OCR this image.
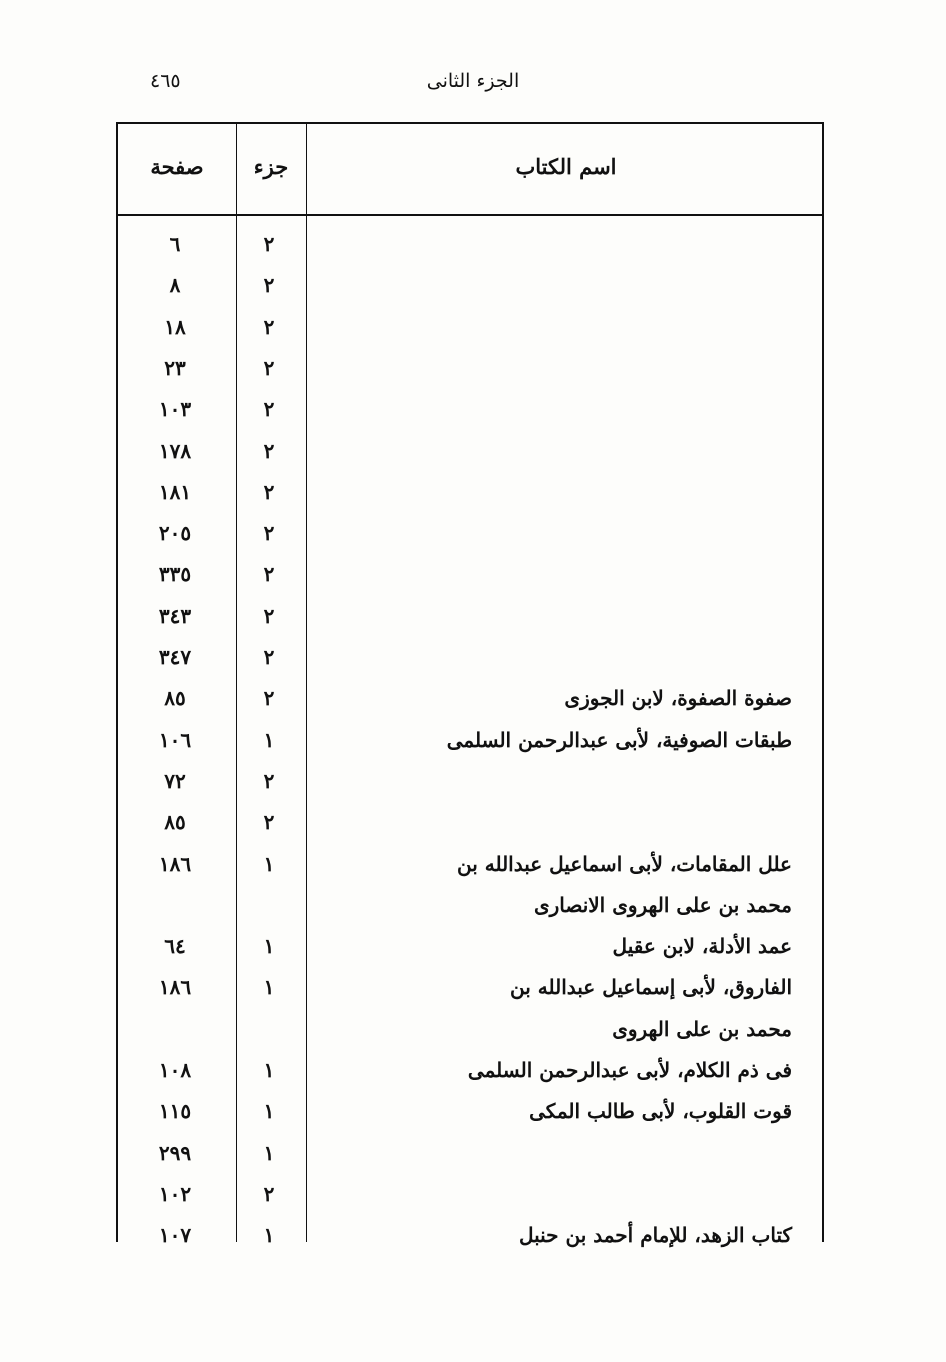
الجزء الثانى
٤٦٥
صفحة	جزء	اسم الكتاب
٦	٢
٨	٢
١٨	٢
٢٣	٢
١٠٣	٢
١٧٨	٢
١٨١	٢
٢٠٥	٢
٣٣٥	٢
٣٤٣	٢
٣٤٧	٢
٨٥	٢	صفوة الصفوة، لابن الجوزى
١٠٦	١	طبقات الصوفية، لأبى عبدالرحمن السلمى
٧٢	٢
٨٥	٢
١٨٦	١	علل المقامات، لأبى اسماعيل عبدالله بن
محمد بن على الهروى الانصارى
٦٤	١	عمد الأدلة، لابن عقيل
١٨٦	١	الفاروق، لأبى إسماعيل عبدالله بن
محمد بن على الهروى
١٠٨	١	فى ذم الكلام، لأبى عبدالرحمن السلمى
١١٥	١	قوت القلوب، لأبى طالب المكى
٢٩٩	١
١٠٢	٢
١٠٧	١	كتاب الزهد، للإمام أحمد بن حنبل
